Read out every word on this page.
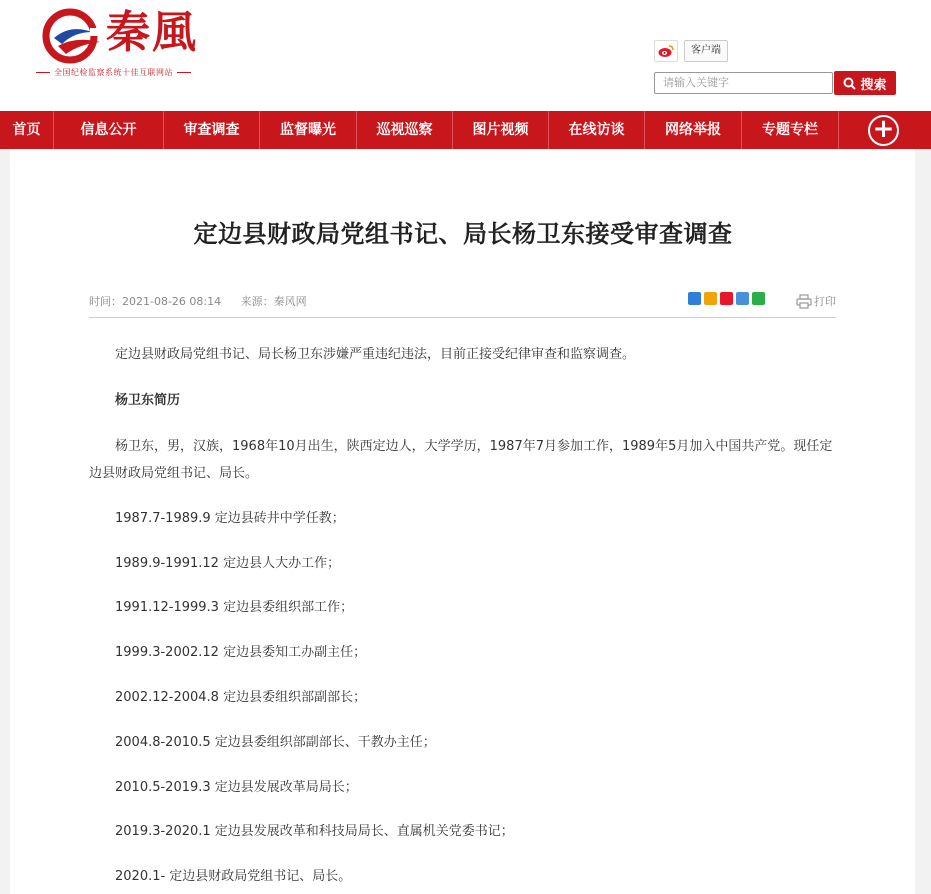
秦風
全国纪检监察系统十佳互联网站
客户端
请输入关键字	搜索
首页	信息公开	审查调查	监督曝光	巡视巡察	图片视频	在线访谈	网络举报	专题专栏	+
定边县财政局党组书记、局长杨卫东接受审查调查
时间：2021-08-26 08:14 来源：秦风网	打印
定边县财政局党组书记、局长杨卫东涉嫌严重违纪违法，目前正接受纪律审查和监察调查。
杨卫东简历
杨卫东，男，汉族，1968年10月出生，陕西定边人，大学学历，1987年7月参加工作，1989年5月加入中国共产党。现任定边县财政局党组书记、局长。
1987.7-1989.9 定边县砖井中学任教；
1989.9-1991.12 定边县人大办工作；
1991.12-1999.3 定边县委组织部工作；
1999.3-2002.12 定边县委知工办副主任；
2002.12-2004.8 定边县委组织部副部长；
2004.8-2010.5 定边县委组织部副部长、干教办主任；
2010.5-2019.3 定边县发展改革局局长；
2019.3-2020.1 定边县发展改革和科技局局长、直属机关党委书记；
2020.1- 定边县财政局党组书记、局长。
